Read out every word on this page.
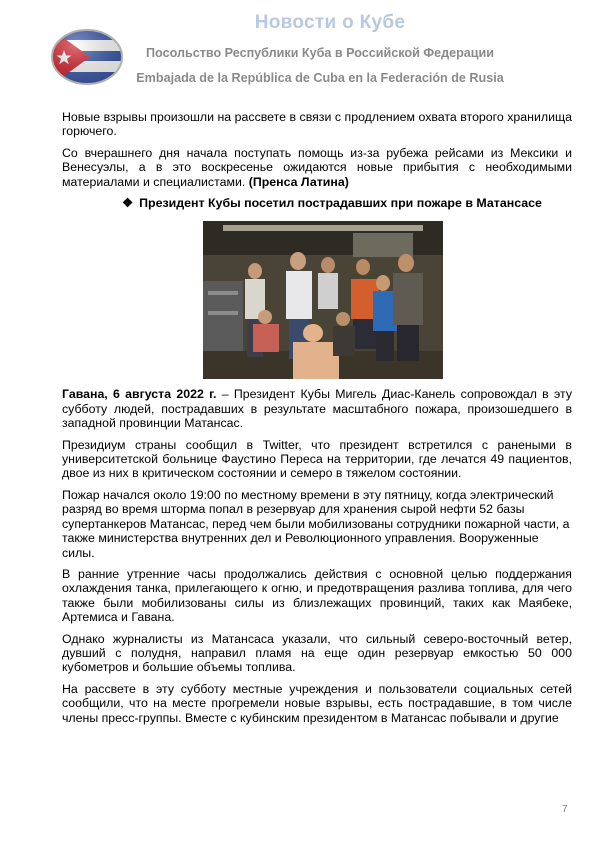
Новости о Кубе
Посольство Республики Куба в Российской Федерации
Embajada de la República de Cuba en la Federación de Rusia

Новые взрывы произошли на рассвете в связи с продлением охвата второго хранилища горючего.

Со вчерашнего дня начала поступать помощь из-за рубежа рейсами из Мексики и Венесуэлы, а в это воскресенье ожидаются новые прибытия с необходимыми материалами и специалистами. (Пренса Латина)

❖ Президент Кубы посетил пострадавших при пожаре в Матансасе

Гавана, 6 августа 2022 г. – Президент Кубы Мигель Диас-Канель сопровождал в эту субботу людей, пострадавших в результате масштабного пожара, произошедшего в западной провинции Матансас.

Президиум страны сообщил в Twitter, что президент встретился с ранеными в университетской больнице Фаустино Переса на территории, где лечатся 49 пациентов, двое из них в критическом состоянии и семеро в тяжелом состоянии.

Пожар начался около 19:00 по местному времени в эту пятницу, когда электрический разряд во время шторма попал в резервуар для хранения сырой нефти 52 базы супертанкеров Матансас, перед чем были мобилизованы сотрудники пожарной части, а также министерства внутренних дел и Революционного управления. Вооруженные силы.

В ранние утренние часы продолжались действия с основной целью поддержания охлаждения танка, прилегающего к огню, и предотвращения разлива топлива, для чего также были мобилизованы силы из близлежащих провинций, таких как Маябеке, Артемиса и Гавана.

Однако журналисты из Матансаса указали, что сильный северо-восточный ветер, дувший с полудня, направил пламя на еще один резервуар емкостью 50 000 кубометров и большие объемы топлива.

На рассвете в эту субботу местные учреждения и пользователи социальных сетей сообщили, что на месте прогремели новые взрывы, есть пострадавшие, в том числе члены пресс-группы. Вместе с кубинским президентом в Матансас побывали и другие

7
